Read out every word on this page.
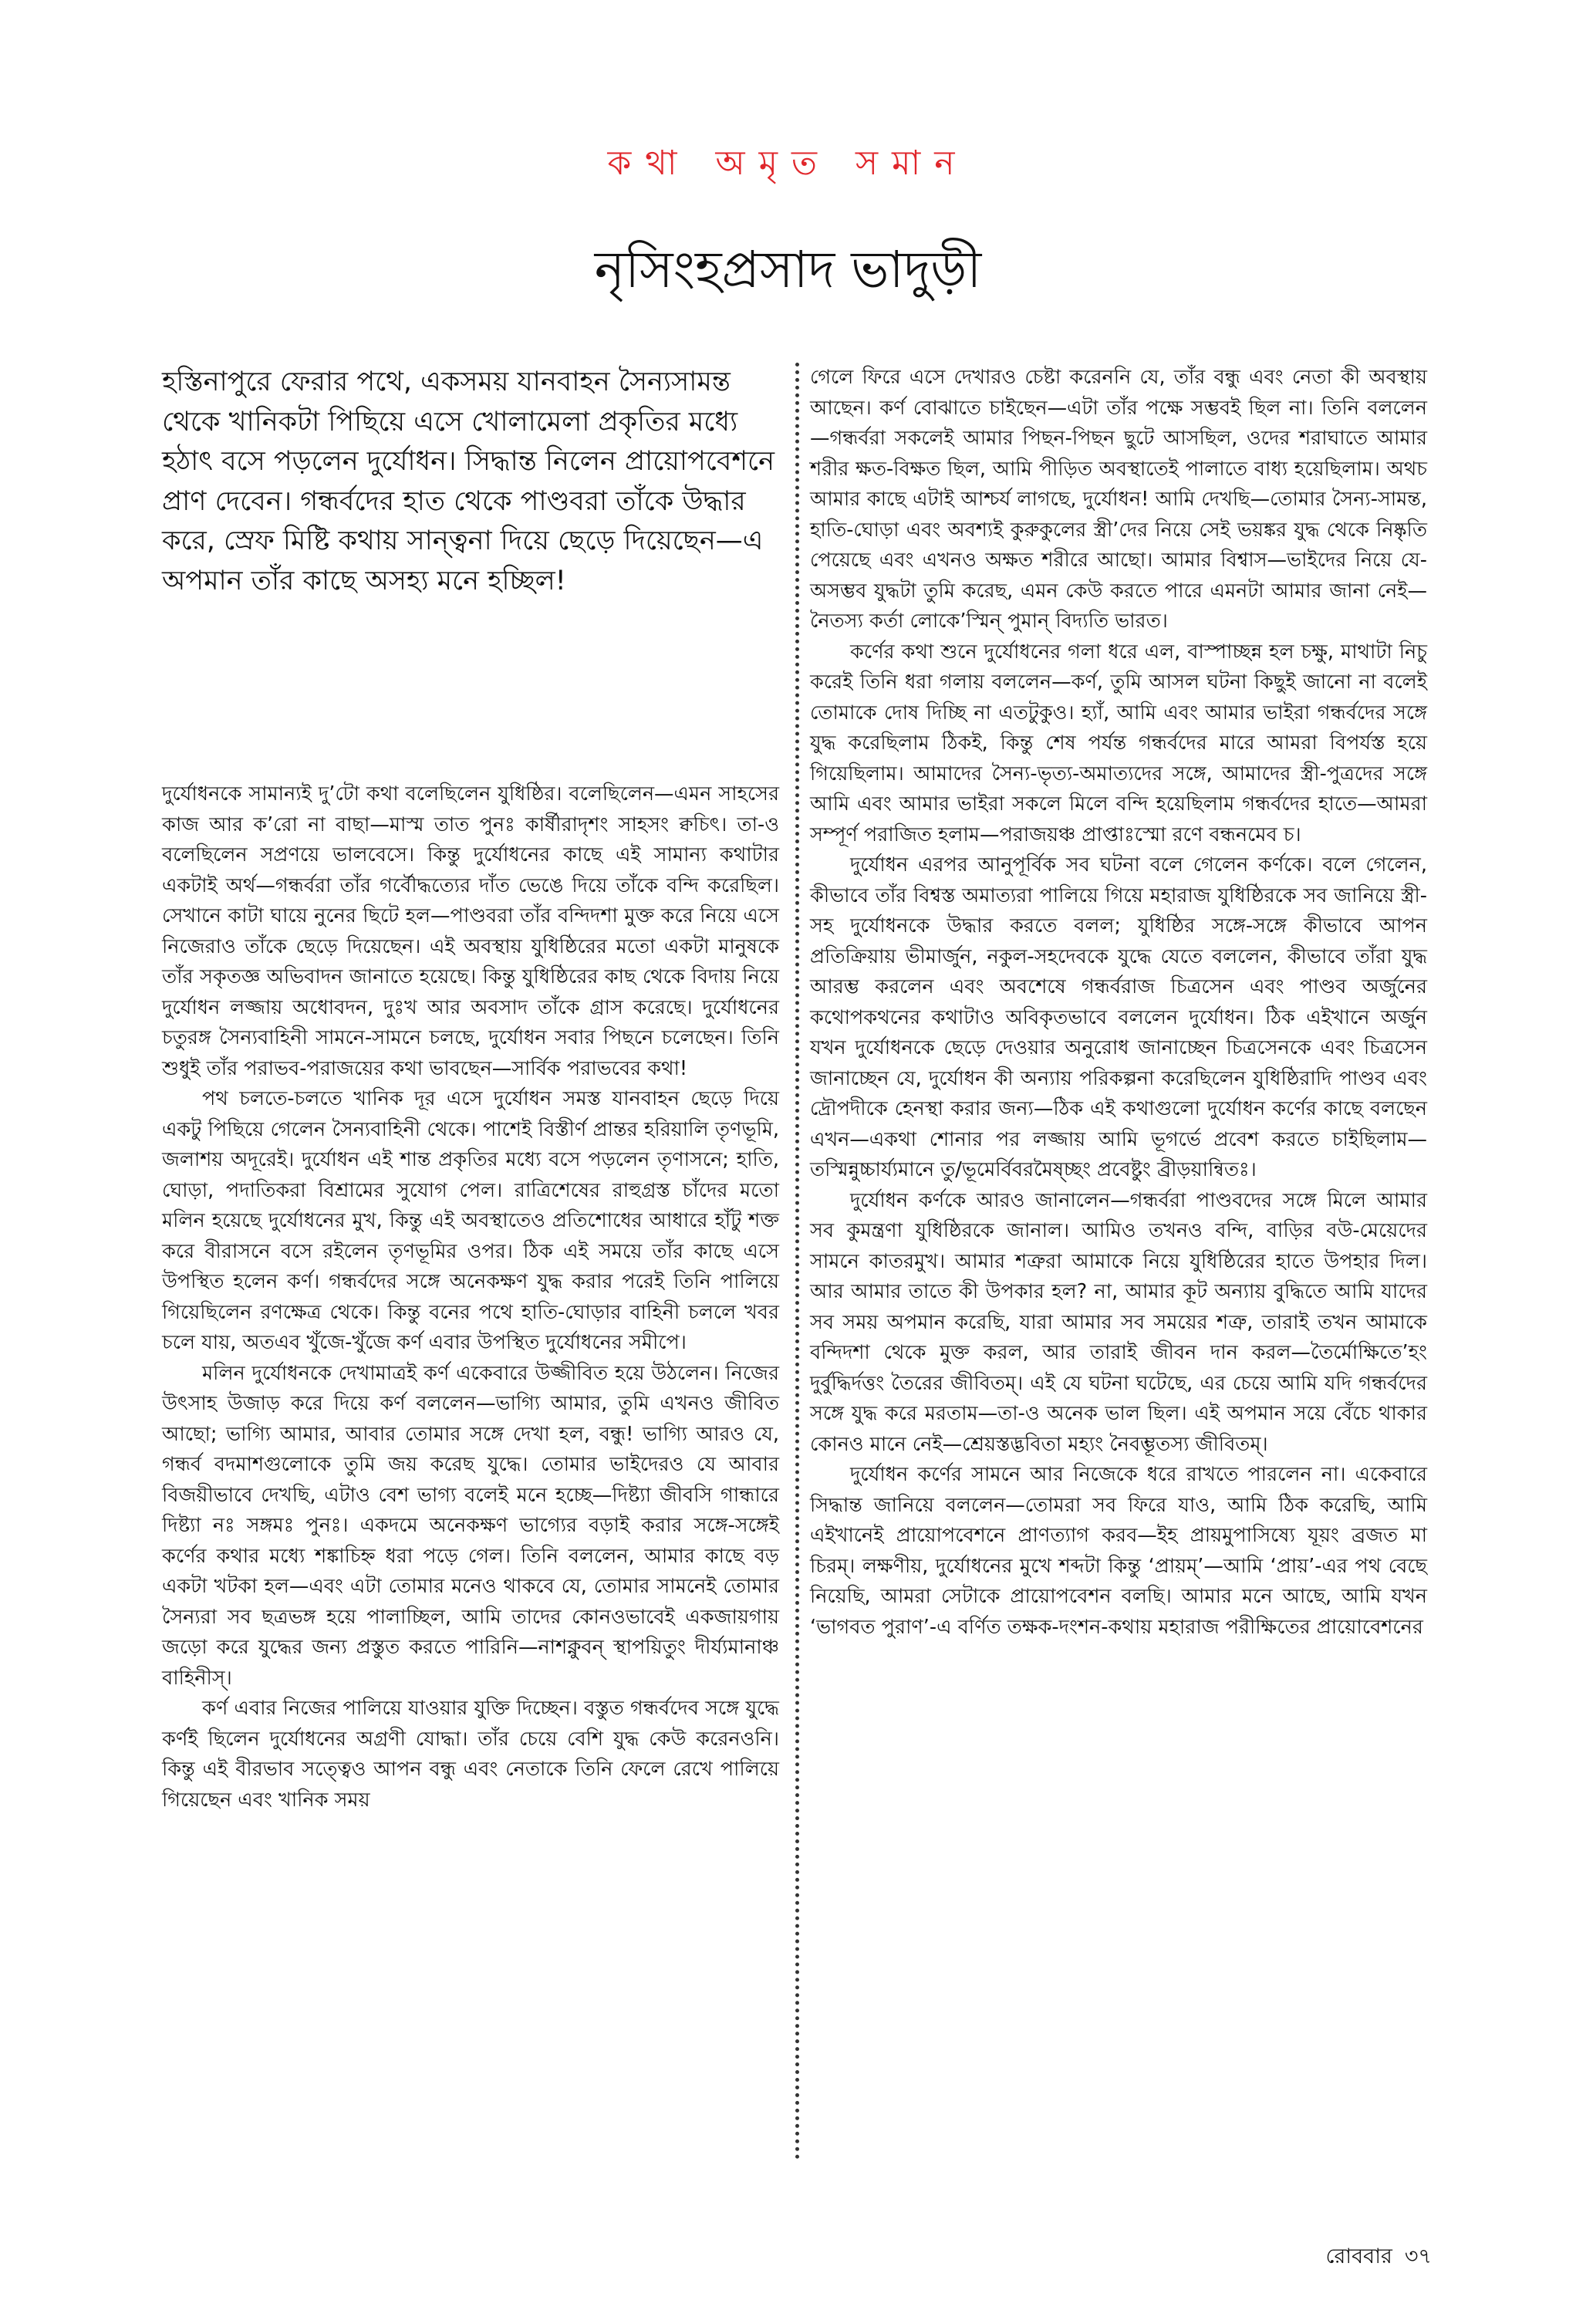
কথা অমৃত সমান
নৃসিংহপ্রসাদ ভাদুড়ী

হস্তিনাপুরে ফেরার পথে, একসময় যানবাহন সৈন্যসামন্ত থেকে খানিকটা পিছিয়ে এসে খোলামেলা প্রকৃতির মধ্যে হঠাৎ বসে পড়লেন দুর্যোধন। সিদ্ধান্ত নিলেন প্রায়োপবেশনে প্রাণ দেবেন। গন্ধর্বদের হাত থেকে পাণ্ডবরা তাঁকে উদ্ধার করে, স্রেফ মিষ্টি কথায় সান্ত্বনা দিয়ে ছেড়ে দিয়েছেন—এ অপমান তাঁর কাছে অসহ্য মনে হচ্ছিল!

দুর্যোধনকে সামান্যই দু’টো কথা বলেছিলেন যুধিষ্ঠির। বলেছিলেন—এমন সাহসের কাজ আর ক’রো না বাছা—মাস্ম তাত পুনঃ কার্ষীরাদৃশং সাহসং ক্বচিৎ। তা-ও বলেছিলেন সপ্রণয়ে ভালবেসে। কিন্তু দুর্যোধনের কাছে এই সামান্য কথাটার একটাই অর্থ—গন্ধর্বরা তাঁর গর্বৌদ্ধত্যের দাঁত ভেঙে দিয়ে তাঁকে বন্দি করেছিল। সেখানে কাটা ঘায়ে নুনের ছিটে হল—পাণ্ডবরা তাঁর বন্দিদশা মুক্ত করে নিয়ে এসে নিজেরাও তাঁকে ছেড়ে দিয়েছেন। এই অবস্থায় যুধিষ্ঠিরের মতো একটা মানুষকে তাঁর সকৃতজ্ঞ অভিবাদন জানাতে হয়েছে। কিন্তু যুধিষ্ঠিরের কাছ থেকে বিদায় নিয়ে দুর্যোধন লজ্জায় অধোবদন, দুঃখ আর অবসাদ তাঁকে গ্রাস করেছে। দুর্যোধনের চতুরঙ্গ সৈন্যবাহিনী সামনে-সামনে চলছে, দুর্যোধন সবার পিছনে চলেছেন। তিনি শুধুই তাঁর পরাভব-পরাজয়ের কথা ভাবছেন—সার্বিক পরাভবের কথা!

পথ চলতে-চলতে খানিক দূর এসে দুর্যোধন সমস্ত যানবাহন ছেড়ে দিয়ে একটু পিছিয়ে গেলেন সৈন্যবাহিনী থেকে। পাশেই বিস্তীর্ণ প্রান্তর হরিয়ালি তৃণভূমি, জলাশয় অদূরেই। দুর্যোধন এই শান্ত প্রকৃতির মধ্যে বসে পড়লেন তৃণাসনে; হাতি, ঘোড়া, পদাতিকরা বিশ্রামের সুযোগ পেল। রাত্রিশেষের রাহুগ্রস্ত চাঁদের মতো মলিন হয়েছে দুর্যোধনের মুখ, কিন্তু এই অবস্থাতেও প্রতিশোধের আধারে হাঁটু শক্ত করে বীরাসনে বসে রইলেন তৃণভূমির ওপর। ঠিক এই সময়ে তাঁর কাছে এসে উপস্থিত হলেন কর্ণ। গন্ধর্বদের সঙ্গে অনেকক্ষণ যুদ্ধ করার পরেই তিনি পালিয়ে গিয়েছিলেন রণক্ষেত্র থেকে। কিন্তু বনের পথে হাতি-ঘোড়ার বাহিনী চললে খবর চলে যায়, অতএব খুঁজে-খুঁজে কর্ণ এবার উপস্থিত দুর্যোধনের সমীপে।

মলিন দুর্যোধনকে দেখামাত্রই কর্ণ একেবারে উজ্জীবিত হয়ে উঠলেন। নিজের উৎসাহ উজাড় করে দিয়ে কর্ণ বললেন—ভাগ্যি আমার, তুমি এখনও জীবিত আছো; ভাগ্যি আমার, আবার তোমার সঙ্গে দেখা হল, বন্ধু! ভাগ্যি আরও যে, গন্ধর্ব বদমাশগুলোকে তুমি জয় করেছ যুদ্ধে। তোমার ভাইদেরও যে আবার বিজয়ীভাবে দেখছি, এটাও বেশ ভাগ্য বলেই মনে হচ্ছে—দিষ্ট্যা জীবসি গান্ধারে দিষ্ট্যা নঃ সঙ্গমঃ পুনঃ। একদমে অনেকক্ষণ ভাগ্যের বড়াই করার সঙ্গে-সঙ্গেই কর্ণের কথার মধ্যে শঙ্কাচিহ্ন ধরা পড়ে গেল। তিনি বললেন, আমার কাছে বড় একটা খটকা হল—এবং এটা তোমার মনেও থাকবে যে, তোমার সামনেই তোমার সৈন্যরা সব ছত্রভঙ্গ হয়ে পালাচ্ছিল, আমি তাদের কোনওভাবেই একজায়গায় জড়ো করে যুদ্ধের জন্য প্রস্তুত করতে পারিনি—নাশক্নুবন্ স্থাপয়িতুং দীর্য্যমানাঞ্চ বাহিনীস্।

কর্ণ এবার নিজের পালিয়ে যাওয়ার যুক্তি দিচ্ছেন। বস্তুত গন্ধর্বদেব সঙ্গে যুদ্ধে কর্ণই ছিলেন দুর্যোধনের অগ্রণী যোদ্ধা। তাঁর চেয়ে বেশি যুদ্ধ কেউ করেনওনি। কিন্তু এই বীরভাব সত্ত্বেও আপন বন্ধু এবং নেতাকে তিনি ফেলে রেখে পালিয়ে গিয়েছেন এবং খানিক সময়

গেলে ফিরে এসে দেখারও চেষ্টা করেননি যে, তাঁর বন্ধু এবং নেতা কী অবস্থায় আছেন। কর্ণ বোঝাতে চাইছেন—এটা তাঁর পক্ষে সম্ভবই ছিল না। তিনি বললেন—গন্ধর্বরা সকলেই আমার পিছন-পিছন ছুটে আসছিল, ওদের শরাঘাতে আমার শরীর ক্ষত-বিক্ষত ছিল, আমি পীড়িত অবস্থাতেই পালাতে বাধ্য হয়েছিলাম। অথচ আমার কাছে এটাই আশ্চর্য লাগছে, দুর্যোধন! আমি দেখছি—তোমার সৈন্য-সামন্ত, হাতি-ঘোড়া এবং অবশ্যই কুরুকুলের স্ত্রী’দের নিয়ে সেই ভয়ঙ্কর যুদ্ধ থেকে নিষ্কৃতি পেয়েছে এবং এখনও অক্ষত শরীরে আছো। আমার বিশ্বাস—ভাইদের নিয়ে যে-অসম্ভব যুদ্ধটা তুমি করেছ, এমন কেউ করতে পারে এমনটা আমার জানা নেই—নৈতস্য কর্তা লোকে’স্মিন্ পুমান্ বিদ্যতি ভারত।

কর্ণের কথা শুনে দুর্যোধনের গলা ধরে এল, বাস্পাচ্ছন্ন হল চক্ষু, মাথাটা নিচু করেই তিনি ধরা গলায় বললেন—কর্ণ, তুমি আসল ঘটনা কিছুই জানো না বলেই তোমাকে দোষ দিচ্ছি না এতটুকুও। হ্যাঁ, আমি এবং আমার ভাইরা গন্ধর্বদের সঙ্গে যুদ্ধ করেছিলাম ঠিকই, কিন্তু শেষ পর্যন্ত গন্ধর্বদের মারে আমরা বিপর্যস্ত হয়ে গিয়েছিলাম। আমাদের সৈন্য-ভৃত্য-অমাত্যদের সঙ্গে, আমাদের স্ত্রী-পুত্রদের সঙ্গে আমি এবং আমার ভাইরা সকলে মিলে বন্দি হয়েছিলাম গন্ধর্বদের হাতে—আমরা সম্পূর্ণ পরাজিত হলাম—পরাজয়ঞ্চ প্রাপ্তাঃস্মো রণে বন্ধনমেব চ।

দুর্যোধন এরপর আনুপূর্বিক সব ঘটনা বলে গেলেন কর্ণকে। বলে গেলেন, কীভাবে তাঁর বিশ্বস্ত অমাত্যরা পালিয়ে গিয়ে মহারাজ যুধিষ্ঠিরকে সব জানিয়ে স্ত্রী-সহ দুর্যোধনকে উদ্ধার করতে বলল; যুধিষ্ঠির সঙ্গে-সঙ্গে কীভাবে আপন প্রতিক্রিয়ায় ভীমার্জুন, নকুল-সহদেবকে যুদ্ধে যেতে বললেন, কীভাবে তাঁরা যুদ্ধ আরম্ভ করলেন এবং অবশেষে গন্ধর্বরাজ চিত্রসেন এবং পাণ্ডব অর্জুনের কথোপকথনের কথাটাও অবিকৃতভাবে বললেন দুর্যোধন। ঠিক এইখানে অর্জুন যখন দুর্যোধনকে ছেড়ে দেওয়ার অনুরোধ জানাচ্ছেন চিত্রসেনকে এবং চিত্রসেন জানাচ্ছেন যে, দুর্যোধন কী অন্যায় পরিকল্পনা করেছিলেন যুধিষ্ঠিরাদি পাণ্ডব এবং দ্রৌপদীকে হেনস্থা করার জন্য—ঠিক এই কথাগুলো দুর্যোধন কর্ণের কাছে বলছেন এখন—একথা শোনার পর লজ্জায় আমি ভূগর্ভে প্রবেশ করতে চাইছিলাম—তস্মিন্নুচ্চার্য্যমানে তু/ভূমের্বিবরমৈষ্চ্ছং প্রবেষ্টুং ব্রীড়য়ান্বিতঃ।

দুর্যোধন কর্ণকে আরও জানালেন—গন্ধর্বরা পাণ্ডবদের সঙ্গে মিলে আমার সব কুমন্ত্রণা যুধিষ্ঠিরকে জানাল। আমিও তখনও বন্দি, বাড়ির বউ-মেয়েদের সামনে কাতরমুখ। আমার শত্রুরা আমাকে নিয়ে যুধিষ্ঠিরের হাতে উপহার দিল। আর আমার তাতে কী উপকার হল? না, আমার কূট অন্যায় বুদ্ধিতে আমি যাদের সব সময় অপমান করেছি, যারা আমার সব সময়ের শত্রু, তারাই তখন আমাকে বন্দিদশা থেকে মুক্ত করল, আর তারাই জীবন দান করল—তৈর্মোক্ষিতে’হং দুর্বুদ্ধির্দত্তং তৈরের জীবিতম্। এই যে ঘটনা ঘটেছে, এর চেয়ে আমি যদি গন্ধর্বদের সঙ্গে যুদ্ধ করে মরতাম—তা-ও অনেক ভাল ছিল। এই অপমান সয়ে বেঁচে থাকার কোনও মানে নেই—শ্রেয়স্তদ্ভবিতা মহ্যং নৈবম্ভূতস্য জীবিতম্।

দুর্যোধন কর্ণের সামনে আর নিজেকে ধরে রাখতে পারলেন না। একেবারে সিদ্ধান্ত জানিয়ে বললেন—তোমরা সব ফিরে যাও, আমি ঠিক করেছি, আমি এইখানেই প্রায়োপবেশনে প্রাণত্যাগ করব—ইহ প্রায়মুপাসিষ্যে যূয়ং ব্রজত মা চিরম্। লক্ষণীয়, দুর্যোধনের মুখে শব্দটা কিন্তু ‘প্রায়ম্’—আমি ‘প্রায়’-এর পথ বেছে নিয়েছি, আমরা সেটাকে প্রায়োপবেশন বলছি। আমার মনে আছে, আমি যখন ‘ভাগবত পুরাণ’-এ বর্ণিত তক্ষক-দংশন-কথায় মহারাজ পরীক্ষিতের প্রায়োবেশনের

রোববার ৩৭
